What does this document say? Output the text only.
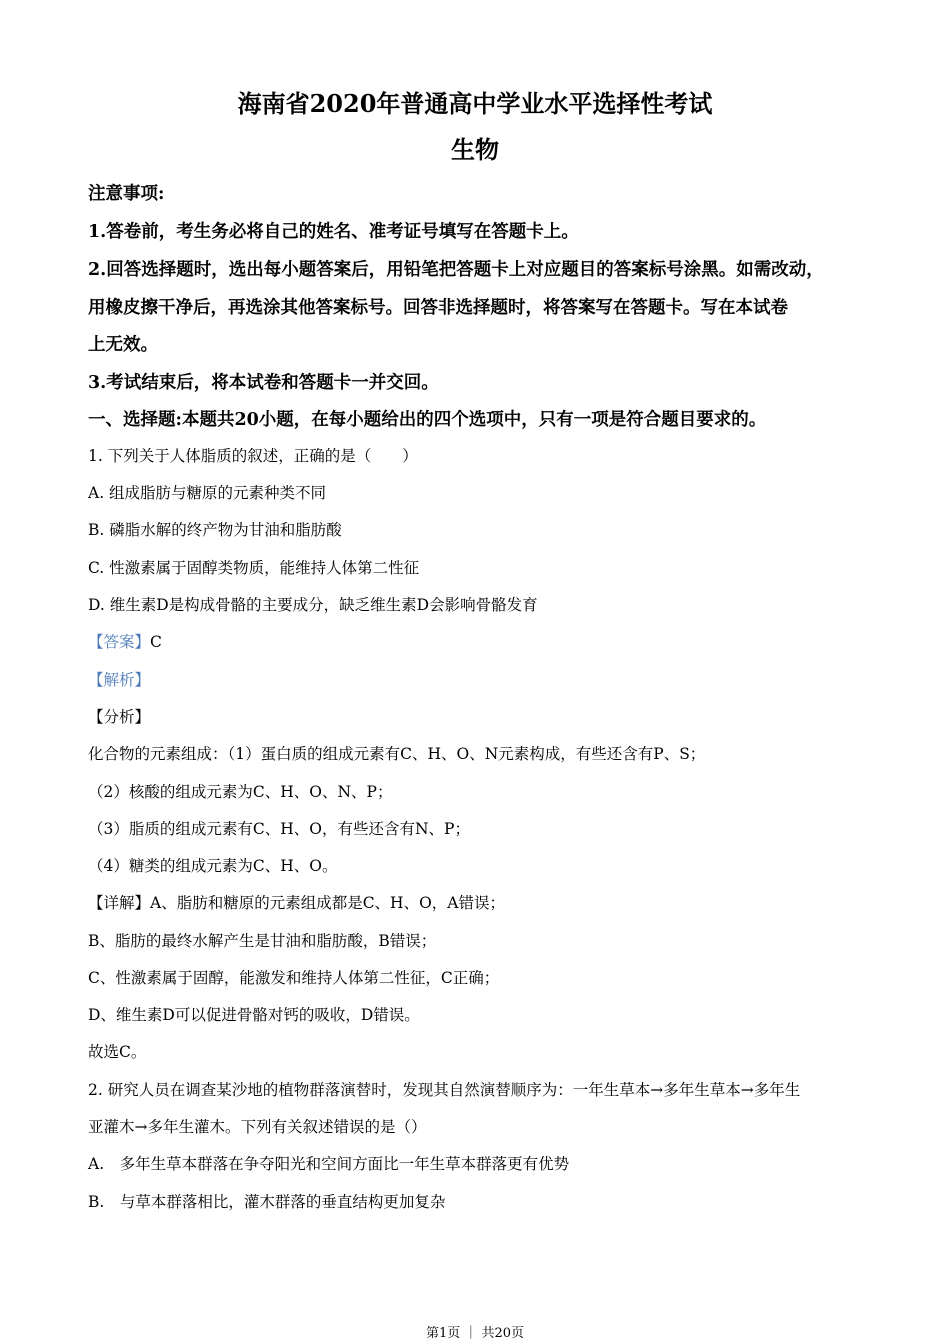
海南省2020年普通高中学业水平选择性考试
生物
注意事项:
1.答卷前，考生务必将自己的姓名、准考证号填写在答题卡上。
2.回答选择题时，选出每小题答案后，用铅笔把答题卡上对应题目的答案标号涂黑。如需改动，
用橡皮擦干净后，再选涂其他答案标号。回答非选择题时，将答案写在答题卡。写在本试卷
上无效。
3.考试结束后，将本试卷和答题卡一并交回。
一、选择题:本题共20小题，在每小题给出的四个选项中，只有一项是符合题目要求的。
1. 下列关于人体脂质的叙述，正确的是（　　）
A. 组成脂肪与糖原的元素种类不同
B. 磷脂水解的终产物为甘油和脂肪酸
C. 性激素属于固醇类物质，能维持人体第二性征
D. 维生素D是构成骨骼的主要成分，缺乏维生素D会影响骨骼发育
【答案】C
【解析】
【分析】
化合物的元素组成：（1）蛋白质的组成元素有C、H、O、N元素构成，有些还含有P、S；
（2）核酸的组成元素为C、H、O、N、P；
（3）脂质的组成元素有C、H、O，有些还含有N、P；
（4）糖类的组成元素为C、H、O。
【详解】A、脂肪和糖原的元素组成都是C、H、O，A错误；
B、脂肪的最终水解产生是甘油和脂肪酸，B错误；
C、性激素属于固醇，能激发和维持人体第二性征，C正确；
D、维生素D可以促进骨骼对钙的吸收，D错误。
故选C。
2. 研究人员在调查某沙地的植物群落演替时，发现其自然演替顺序为：一年生草本→多年生草本→多年生
亚灌木→多年生灌木。下列有关叙述错误的是（）
A.　多年生草本群落在争夺阳光和空间方面比一年生草本群落更有优势
B.　与草本群落相比，灌木群落的垂直结构更加复杂
第1页 ｜ 共20页
